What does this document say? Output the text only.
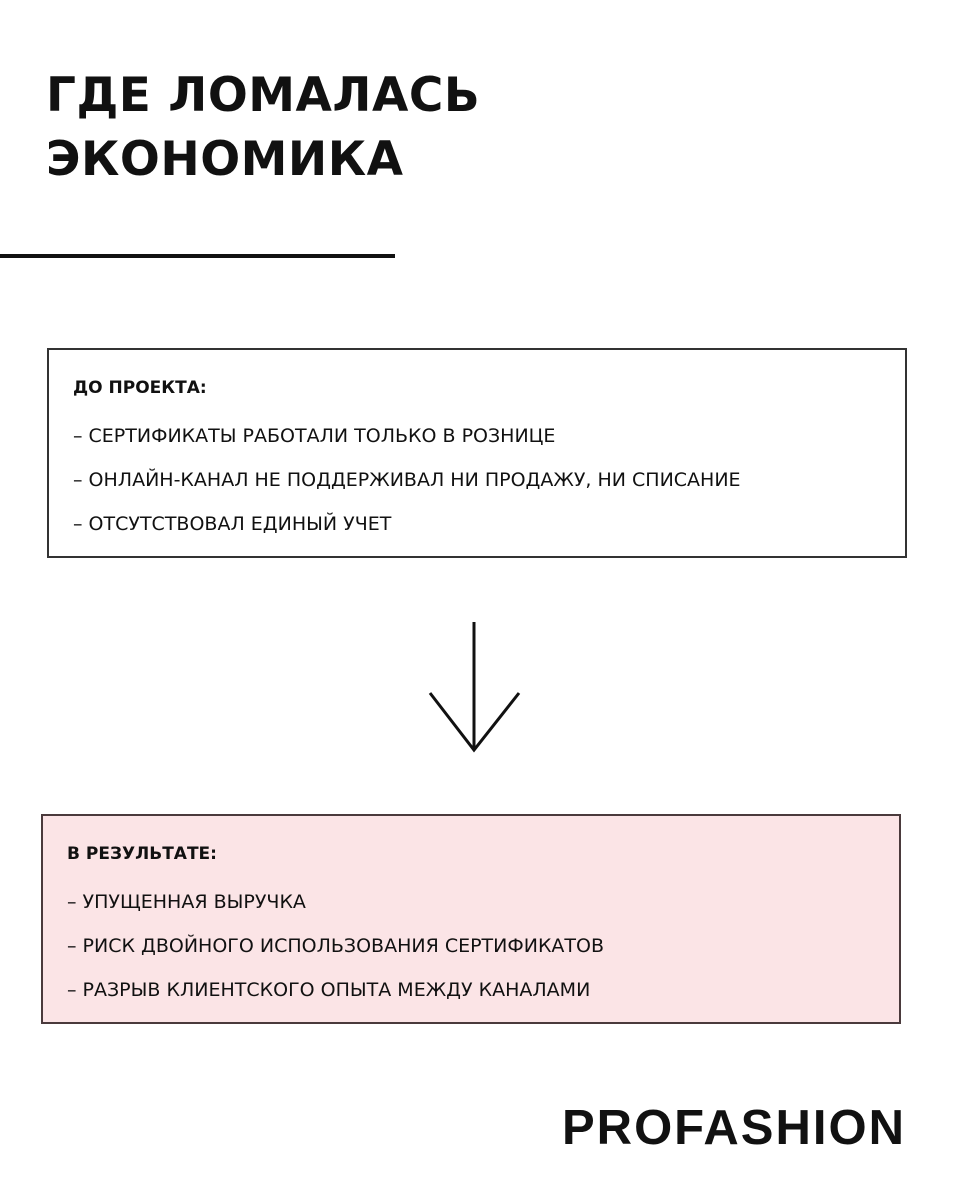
ГДЕ ЛОМАЛАСЬ
ЭКОНОМИКА
ДО ПРОЕКТА:
– СЕРТИФИКАТЫ РАБОТАЛИ ТОЛЬКО В РОЗНИЦЕ
– ОНЛАЙН-КАНАЛ НЕ ПОДДЕРЖИВАЛ НИ ПРОДАЖУ, НИ СПИСАНИЕ
– ОТСУТСТВОВАЛ ЕДИНЫЙ УЧЕТ
В РЕЗУЛЬТАТЕ:
– УПУЩЕННАЯ ВЫРУЧКА
– РИСК ДВОЙНОГО ИСПОЛЬЗОВАНИЯ СЕРТИФИКАТОВ
– РАЗРЫВ КЛИЕНТСКОГО ОПЫТА МЕЖДУ КАНАЛАМИ
PROFASHION
